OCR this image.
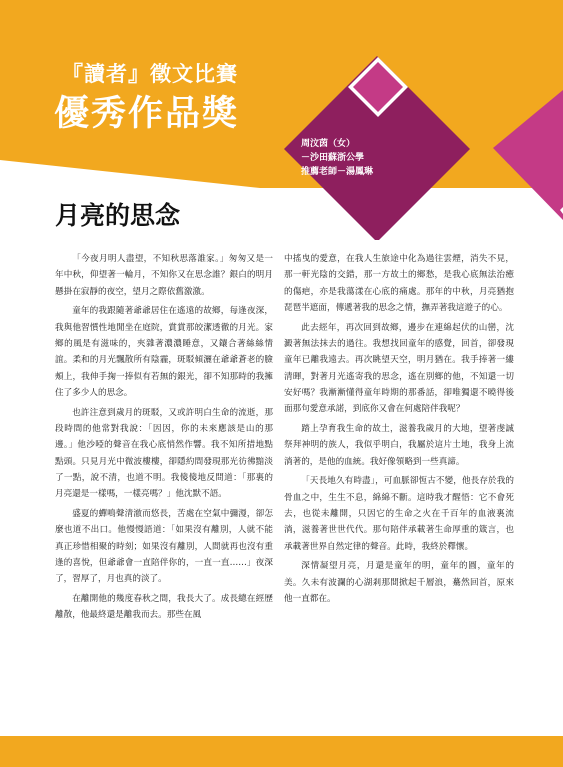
『讀者』徵文比賽
優秀作品獎
周汶茵（女）
－沙田蘇浙公學
推薦老師－湯鳳琳
月亮的思念

「今夜月明人盡望，不知秋思落誰家。」匆匆又是一年中秋，仰望著一輪月，不知你又在思念誰？銀白的明月懸掛在寂靜的夜空，望月之際依舊激激。

童年的我跟隨著爺爺居住在遙遠的故鄉，每逢夜深，我與他習慣性地閒坐在庭院，賞賞那皎潔透徹的月光。家鄉的風是有滋味的，夾雜著濃濃睡意，又鑲合著絲絲情誼。柔和的月光飄散所有陰霾，斑駁傾灑在爺爺蒼老的臉頰上，我伸手掬一捧似有若無的銀光，卻不知那時的我擁住了多少人的思念。

也許注意到歲月的斑駁，又或許明白生命的流逝，那段時間的他常對我說：「因因，你的未來應該是山的那邊。」他沙啞的聲音在我心底悄然作響。我不知所措地點點頭。只見月光中微波樓樓，卻隱約間發現那光彷彿黯淡了一點，說不清，也道不明。我傻傻地反問道：「那裏的月亮還是一樣嗎，一樣亮嗎？」他沈默不語。

盛夏的蟬鳴聲清澈而悠長，苦處在空氣中彌漫，卻怎麼也道不出口。他慢慢語道：「如果沒有離別，人就不能真正珍惜相聚的時刻；如果沒有離別，人間就再也沒有重逢的喜悅，但爺爺會一直陪伴你的，一直一直……」夜深了，習厚了，月也真的淡了。

在離開他的幾度春秋之間，我長大了。成長總在經歷離散，他最終還是離我而去。那些在風

中搖曳的愛意，在我人生旅途中化為過往雲煙，消失不見，那一軒光陰的交錯，那一方故土的鄉愁，是我心底無法治癒的傷疤，亦是我蕩漾在心底的痛處。那年的中秋，月亮猶抱琵琶半遮面，傳遞著我的思念之情，撫弄著我這遊子的心。

此去經年，再次回到故鄉，邊步在連綿起伏的山巒，沈澱著無法抹去的過往。我想找回童年的感覺，回首，卻發現童年已離我遠去。再次眺望天空，明月猶在。我手捧著一縷清暉，對著月光遙寄我的思念，遙在別鄉的他，不知還一切安好嗎？我漸漸懂得童年時期的那番話，卻唯獨還不曉得後面那句愛意承諾，到底你又會在何處陪伴我呢？

踏上孕育我生命的故土，滋養我歲月的大地，望著虔誠祭拜神明的族人，我似乎明白，我屬於這片土地，我身上流淌著的，是他的血統。我好像領略到一些真諦。

「天長地久有時盡」，可血脈卻恆古不變，他長存於我的骨血之中，生生不息，綿綿不斷。這時我才醒悟：它不會死去，也從未離開，只因它的生命之火在千百年的血液裏流淌，滋養著世世代代。那句陪伴承載著生命厚重的箴言，也承載著世界自然定律的聲音。此時，我終於釋懷。

深情凝望月亮，月還是童年的明，童年的圓，童年的美。久未有波瀾的心湖剎那間掀起千層浪，驀然回首，原來他一直都在。
